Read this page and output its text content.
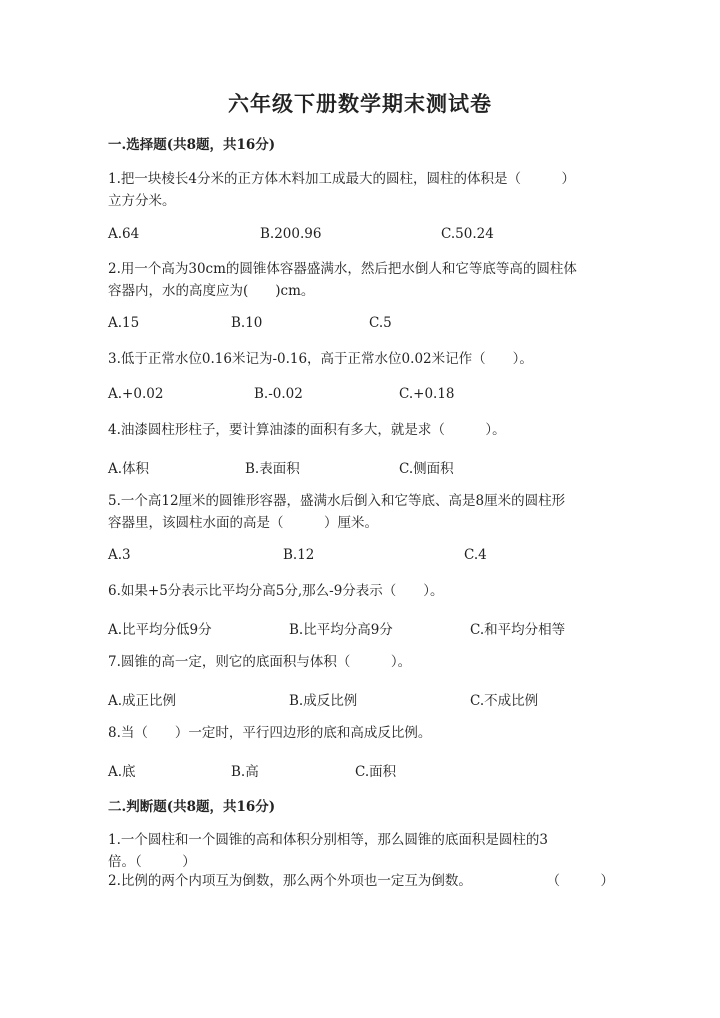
六年级下册数学期末测试卷
一.选择题(共8题，共16分)
1.把一块棱长4分米的正方体木料加工成最大的圆柱，圆柱的体积是（　　　）
立方分米。
A.64	B.200.96	C.50.24
2.用一个高为30cm的圆锥体容器盛满水，然后把水倒人和它等底等高的圆柱体
容器内，水的高度应为(　　)cm。
A.15	B.10	C.5
3.低于正常水位0.16米记为-0.16，高于正常水位0.02米记作（　　）。
A.+0.02	B.-0.02	C.+0.18
4.油漆圆柱形柱子，要计算油漆的面积有多大，就是求（　　　）。
A.体积	B.表面积	C.侧面积
5.一个高12厘米的圆锥形容器，盛满水后倒入和它等底、高是8厘米的圆柱形
容器里，该圆柱水面的高是（　　　）厘米。
A.3	B.12	C.4
6.如果+5分表示比平均分高5分,那么-9分表示（　　）。
A.比平均分低9分	B.比平均分高9分	C.和平均分相等
7.圆锥的高一定，则它的底面积与体积（　　　）。
A.成正比例	B.成反比例	C.不成比例
8.当（　　）一定时，平行四边形的底和高成反比例。
A.底	B.高	C.面积
二.判断题(共8题，共16分)
1.一个圆柱和一个圆锥的高和体积分别相等，那么圆锥的底面积是圆柱的3
倍。（　　　）
2.比例的两个内项互为倒数，那么两个外项也一定互为倒数。	（　　　）
